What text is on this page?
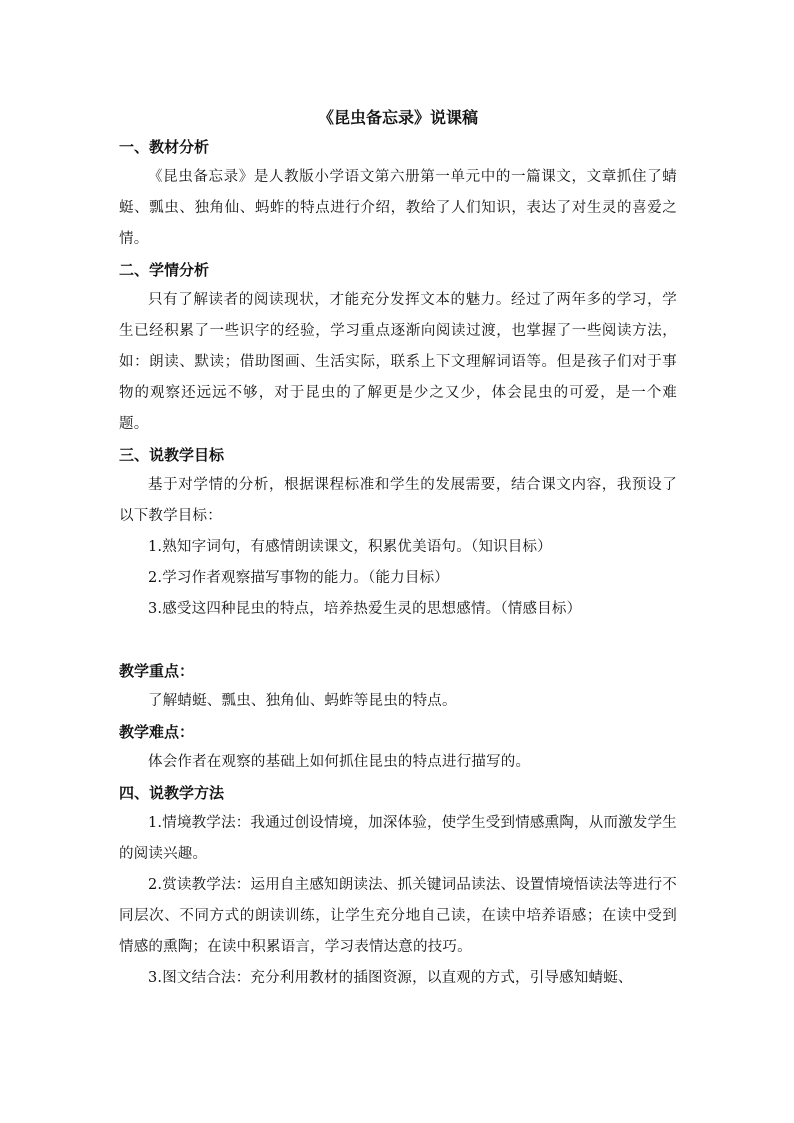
《昆虫备忘录》说课稿
一、教材分析

《昆虫备忘录》是人教版小学语文第六册第一单元中的一篇课文，文章抓住了蜻蜓、瓢虫、独角仙、蚂蚱的特点进行介绍，教给了人们知识，表达了对生灵的喜爱之情。

二、学情分析

只有了解读者的阅读现状，才能充分发挥文本的魅力。经过了两年多的学习，学生已经积累了一些识字的经验，学习重点逐渐向阅读过渡，也掌握了一些阅读方法，如：朗读、默读；借助图画、生活实际，联系上下文理解词语等。但是孩子们对于事物的观察还远远不够，对于昆虫的了解更是少之又少，体会昆虫的可爱，是一个难题。

三、说教学目标

基于对学情的分析，根据课程标准和学生的发展需要，结合课文内容，我预设了以下教学目标：

1.熟知字词句，有感情朗读课文，积累优美语句。（知识目标）

2.学习作者观察描写事物的能力。（能力目标）

3.感受这四种昆虫的特点，培养热爱生灵的思想感情。（情感目标）

教学重点：

了解蜻蜓、瓢虫、独角仙、蚂蚱等昆虫的特点。

教学难点：

体会作者在观察的基础上如何抓住昆虫的特点进行描写的。

四、说教学方法

1.情境教学法：我通过创设情境，加深体验，使学生受到情感熏陶，从而激发学生的阅读兴趣。

2.赏读教学法：运用自主感知朗读法、抓关键词品读法、设置情境悟读法等进行不同层次、不同方式的朗读训练，让学生充分地自己读，在读中培养语感；在读中受到情感的熏陶；在读中积累语言，学习表情达意的技巧。

3.图文结合法：充分利用教材的插图资源，以直观的方式，引导感知蜻蜓、
